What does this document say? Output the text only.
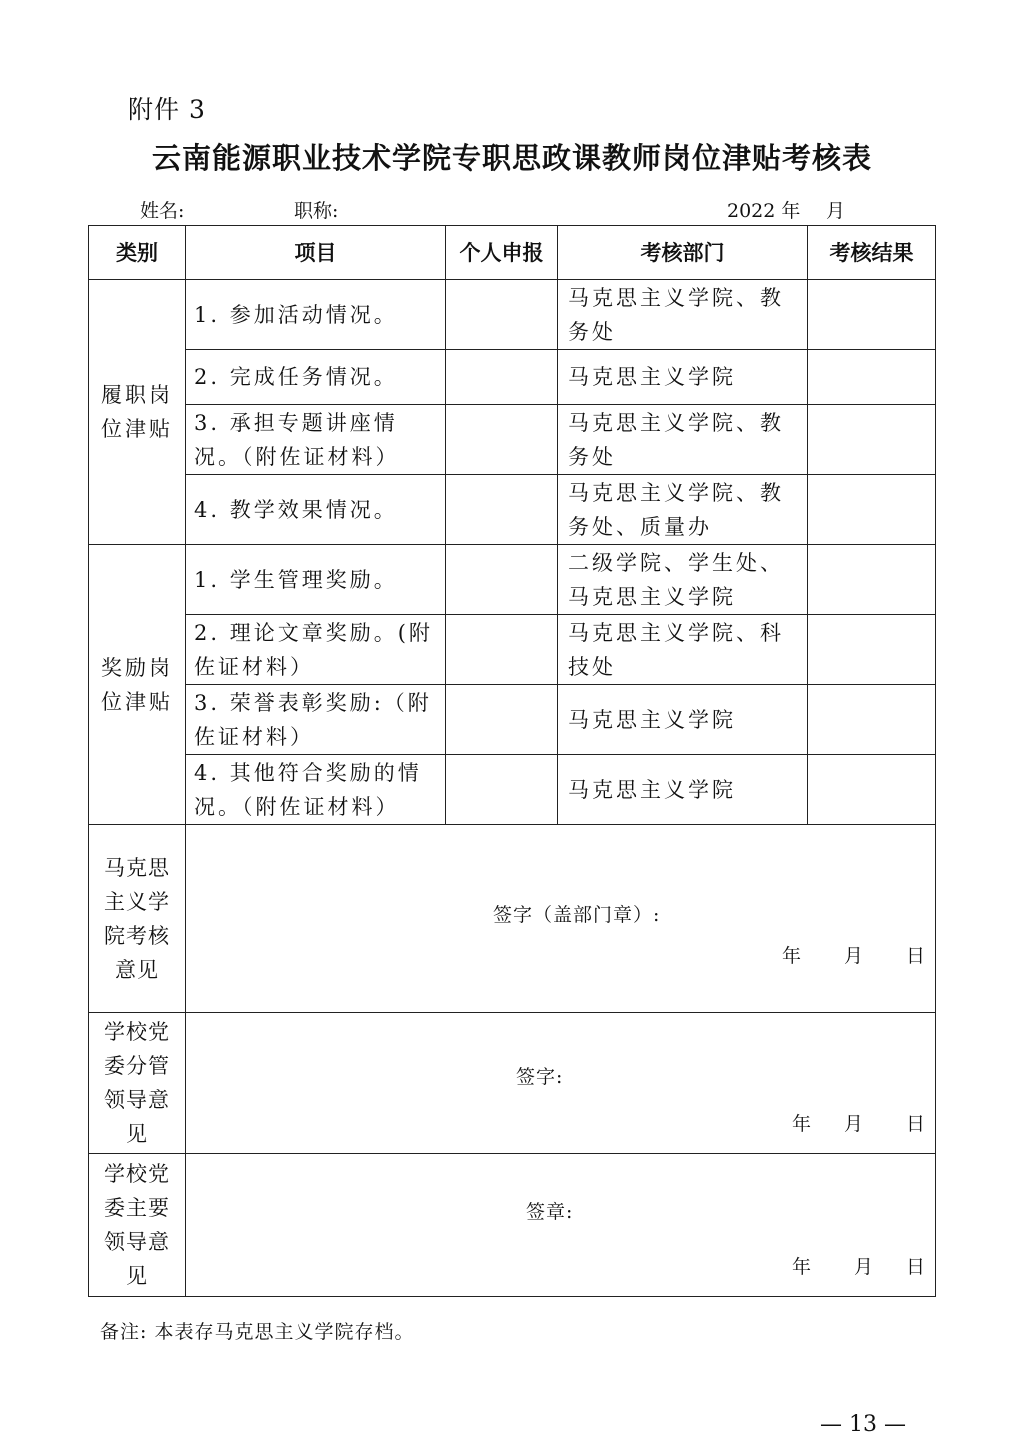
附件 3
云南能源职业技术学院专职思政课教师岗位津贴考核表
姓名:	职称:	2022 年 月
类别	项目	个人申报	考核部门	考核结果

履职岗位津贴	1. 参加活动情况。		马克思主义学院、教务处	
	2. 完成任务情况。		马克思主义学院	
	3. 承担专题讲座情况。（附佐证材料）		马克思主义学院、教务处	
	4. 教学效果情况。		马克思主义学院、教务处、质量办	

奖励岗位津贴	1. 学生管理奖励。		二级学院、学生处、马克思主义学院	
	2. 理论文章奖励。(附佐证材料）		马克思主义学院、科技处	
	3. 荣誉表彰奖励:（附佐证材料）		马克思主义学院	
	4. 其他符合奖励的情况。（附佐证材料）		马克思主义学院	
马克思主义学院考核意见	签字（盖部门章）:
年 月 日			

学校党委分管领导意见	签字:
年 月 日			

学校党委主要领导意见	签章:
年 月 日			
备注: 本表存马克思主义学院存档。
— 13 —
